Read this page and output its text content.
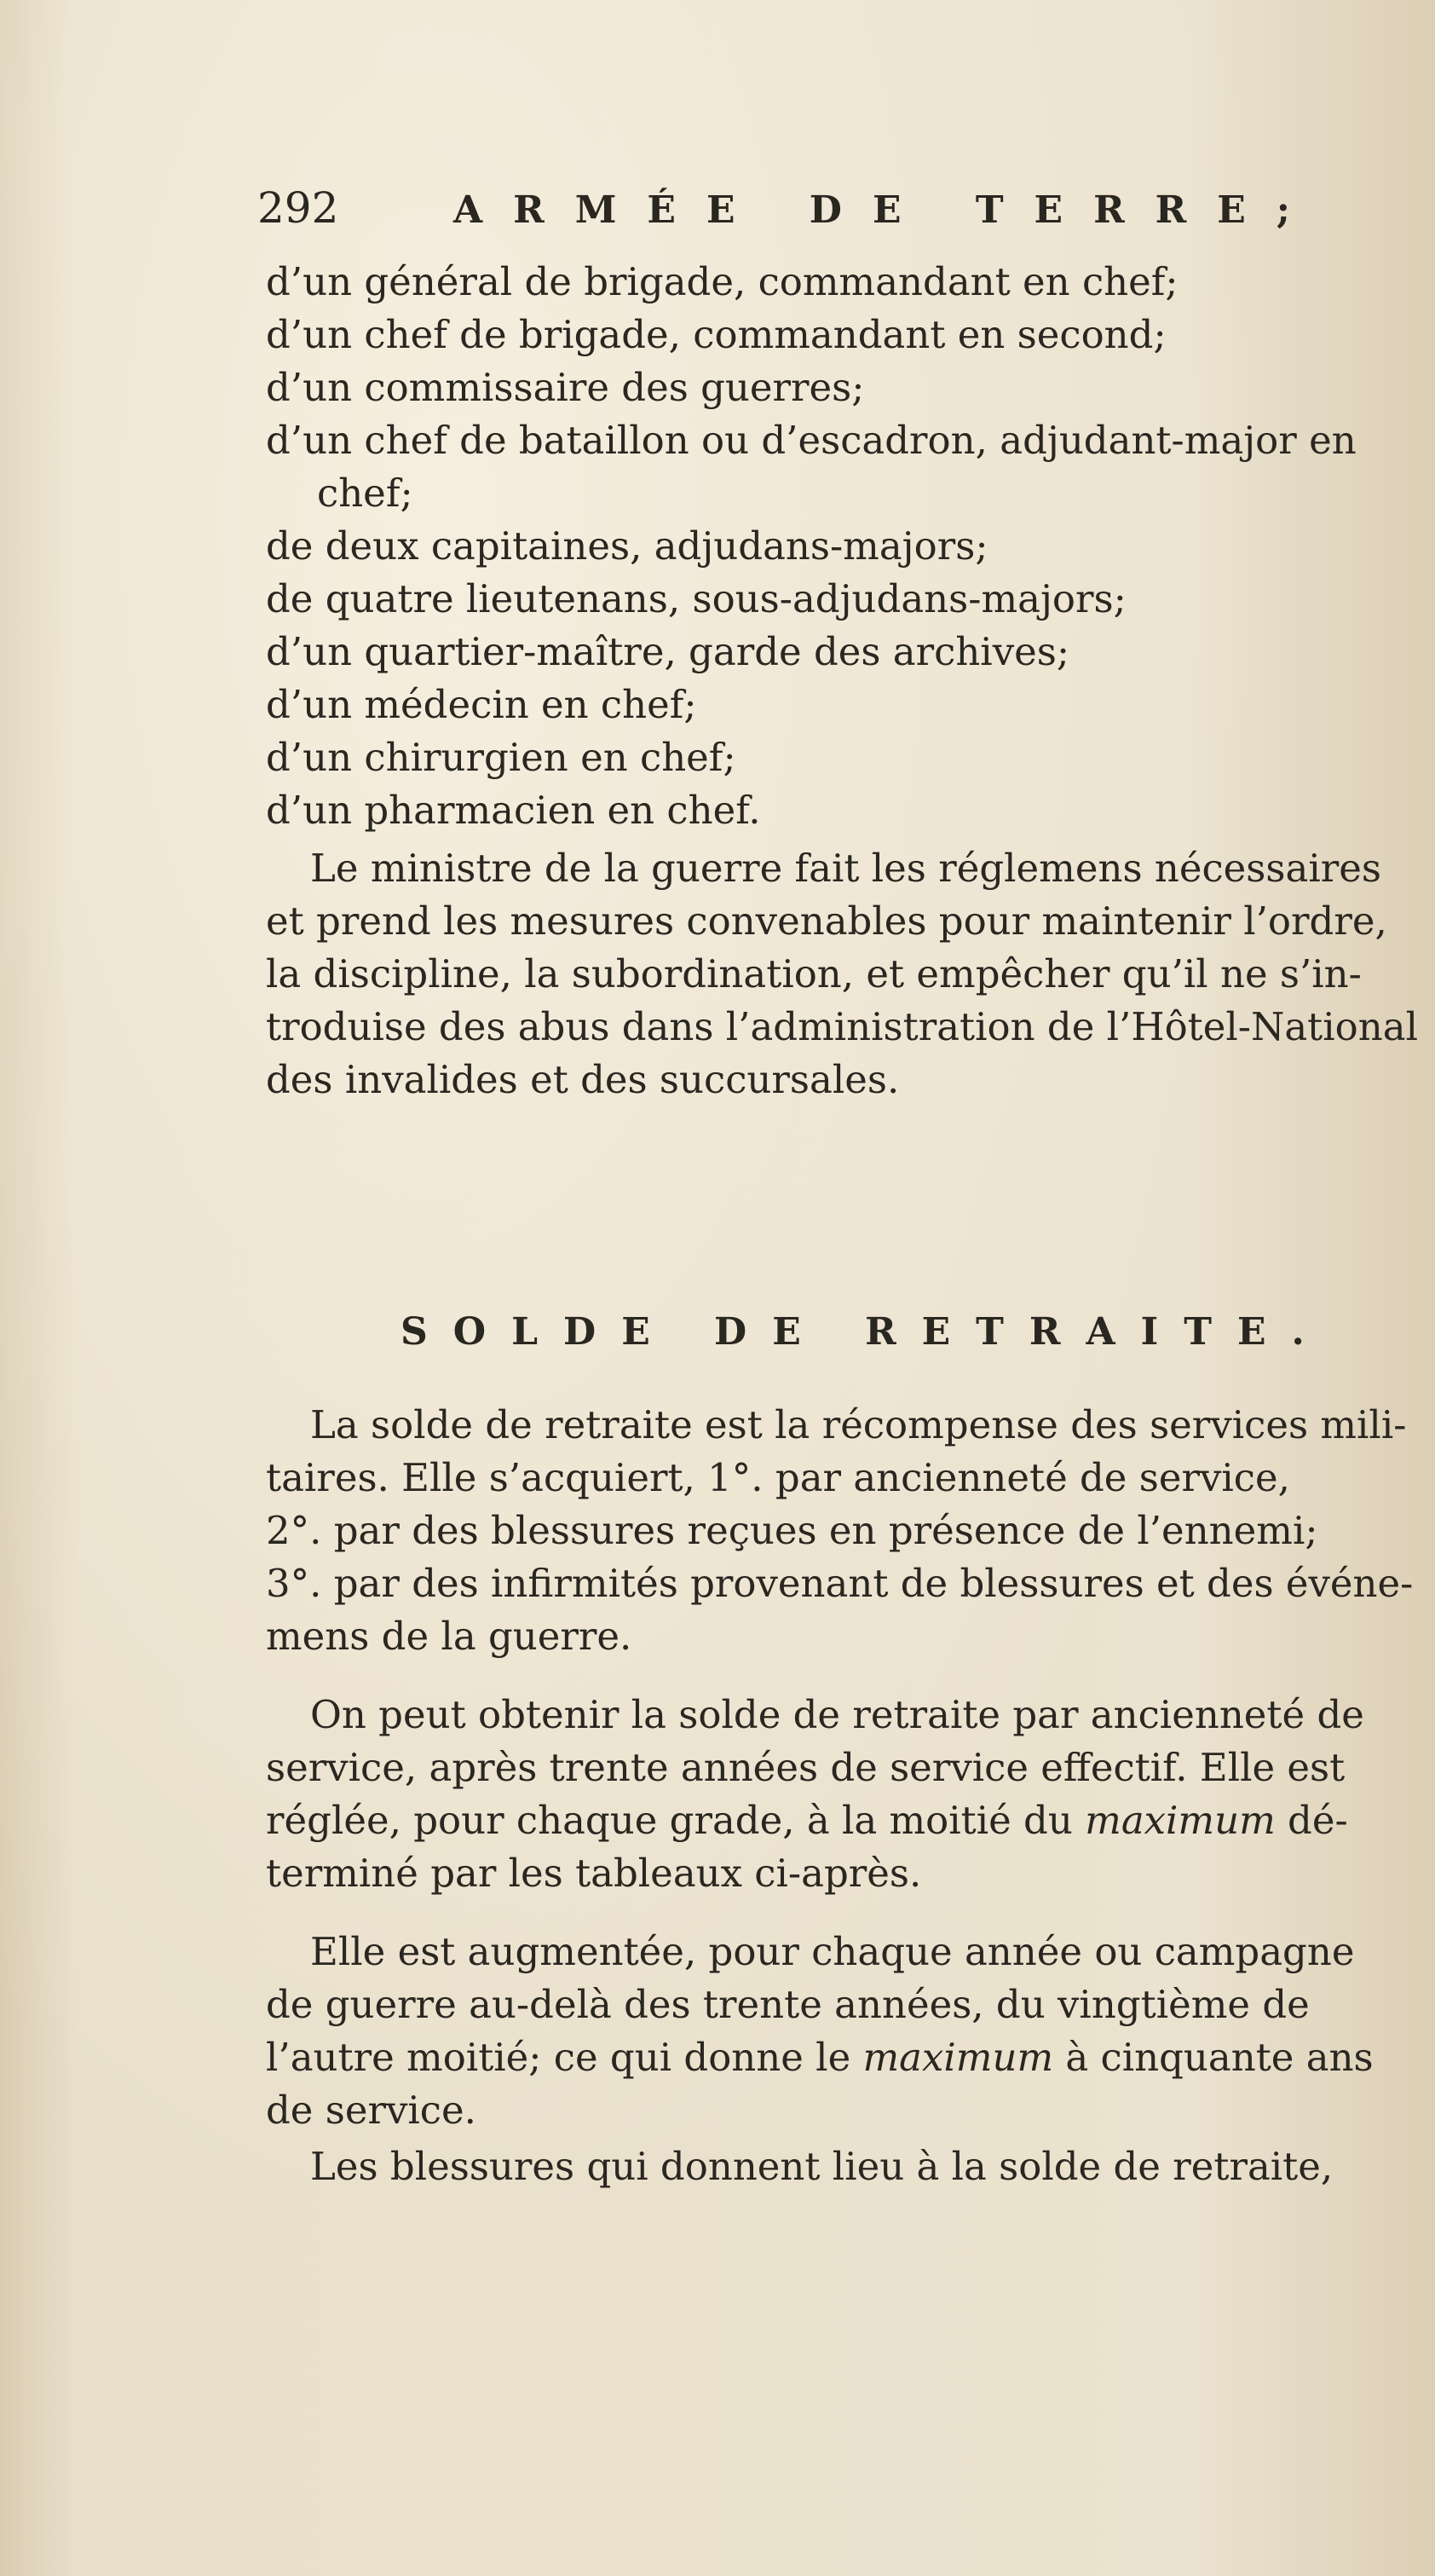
292	ARMÉE DE TERRE;
d’un général de brigade, commandant en chef;
d’un chef de brigade, commandant en second;
d’un commissaire des guerres;
d’un chef de bataillon ou d’escadron, adjudant-major en
chef;
de deux capitaines, adjudans-majors;
de quatre lieutenans, sous-adjudans-majors;
d’un quartier-maître, garde des archives;
d’un médecin en chef;
d’un chirurgien en chef;
d’un pharmacien en chef.
Le ministre de la guerre fait les réglemens nécessaires
et prend les mesures convenables pour maintenir l’ordre,
la discipline, la subordination, et empêcher qu’il ne s’in-
troduise des abus dans l’administration de l’Hôtel-National
des invalides et des succursales.
SOLDE DE RETRAITE.
La solde de retraite est la récompense des services mili-
taires. Elle s’acquiert, 1°. par ancienneté de service,
2°. par des blessures reçues en présence de l’ennemi;
3°. par des infirmités provenant de blessures et des événe-
mens de la guerre.
On peut obtenir la solde de retraite par ancienneté de
service, après trente années de service effectif. Elle est
réglée, pour chaque grade, à la moitié du maximum dé-
terminé par les tableaux ci-après.
Elle est augmentée, pour chaque année ou campagne
de guerre au-delà des trente années, du vingtième de
l’autre moitié; ce qui donne le maximum à cinquante ans
de service.
Les blessures qui donnent lieu à la solde de retraite,
